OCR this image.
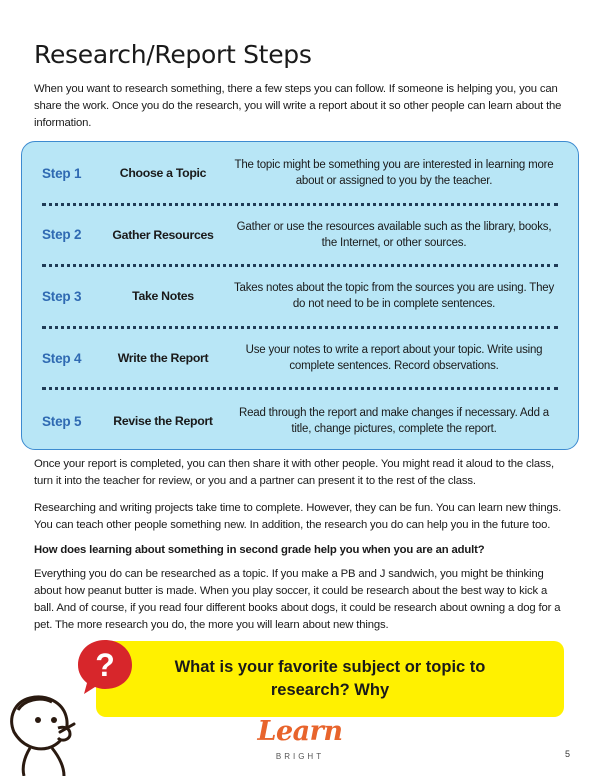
Research/Report Steps

When you want to research something, there a few steps you can follow. If someone is helping you, you can share the work. Once you do the research, you will write a report about it so other people can learn about the information.

Step 1	Choose a Topic
The topic might be something you are interested in learning more about or assigned to you by the teacher.
Step 2	Gather Resources
Gather or use the resources available such as the library, books, the Internet, or other sources.
Step 3	Take Notes
Takes notes about the topic from the sources you are using. They do not need to be in complete sentences.
Step 4	Write the Report
Use your notes to write a report about your topic. Write using complete sentences. Record observations.
Step 5	Revise the Report
Read through the report and make changes if necessary. Add a title, change pictures, complete the report.

Once your report is completed, you can then share it with other people. You might read it aloud to the class, turn it into the teacher for review, or you and a partner can present it to the rest of the class.

Researching and writing projects take time to complete. However, they can be fun. You can learn new things. You can teach other people something new. In addition, the research you do can help you in the future too.

How does learning about something in second grade help you when you are an adult?

Everything you do can be researched as a topic. If you make a PB and J sandwich, you might be thinking about how peanut butter is made. When you play soccer, it could be research about the best way to kick a ball. And of course, if you read four different books about dogs, it could be research about owning a dog for a pet. The more research you do, the more you will learn about new things.

What is your favorite subject or topic to research? Why
?
Learn
BRIGHT	5
